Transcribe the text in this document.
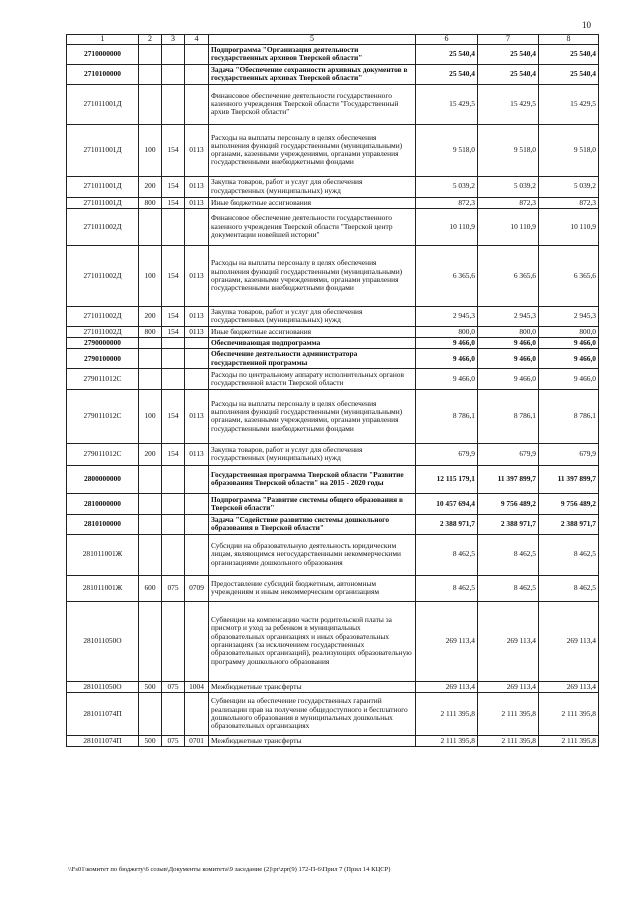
10
1	2	3	4	5	6	7	8
2710000000				Подпрограмма "Организация деятельности государственных архивов Тверской области"	25 540,4	25 540,4	25 540,4
2710100000				Задача "Обеспечение сохранности архивных документов в государственных архивах Тверской области"	25 540,4	25 540,4	25 540,4
271011001Д				Финансовое обеспечение деятельности государственного казенного учреждения Тверской области "Государственный архив Тверской области"	15 429,5	15 429,5	15 429,5
271011001Д	100	154	0113	Расходы на выплаты персоналу в целях обеспечения выполнения функций государственными (муниципальными) органами, казенными учреждениями, органами управления государственными внебюджетными фондами	9 518,0	9 518,0	9 518,0
271011001Д	200	154	0113	Закупка товаров, работ и услуг для обеспечения государственных (муниципальных) нужд	5 039,2	5 039,2	5 039,2
271011001Д	800	154	0113	Иные бюджетные ассигнования	872,3	872,3	872,3
271011002Д				Финансовое обеспечение деятельности государственного казенного учреждения Тверской области "Тверской центр документации новейшей истории"	10 110,9	10 110,9	10 110,9
271011002Д	100	154	0113	Расходы на выплаты персоналу в целях обеспечения выполнения функций государственными (муниципальными) органами, казенными учреждениями, органами управления государственными внебюджетными фондами	6 365,6	6 365,6	6 365,6
271011002Д	200	154	0113	Закупка товаров, работ и услуг для обеспечения государственных (муниципальных) нужд	2 945,3	2 945,3	2 945,3
271011002Д	800	154	0113	Иные бюджетные ассигнования	800,0	800,0	800,0
2790000000				Обеспечивающая подпрограмма	9 466,0	9 466,0	9 466,0
2790100000				Обеспечение деятельности администратора государственной программы	9 466,0	9 466,0	9 466,0
279011012С				Расходы по центральному аппарату исполнительных органов государственной власти Тверской области	9 466,0	9 466,0	9 466,0
279011012С	100	154	0113	Расходы на выплаты персоналу в целях обеспечения выполнения функций государственными (муниципальными) органами, казенными учреждениями, органами управления государственными внебюджетными фондами	8 786,1	8 786,1	8 786,1
279011012С	200	154	0113	Закупка товаров, работ и услуг для обеспечения государственных (муниципальных) нужд	679,9	679,9	679,9
2800000000				Государственная программа Тверской области "Развитие образования Тверской области" на 2015 - 2020 годы	12 115 179,1	11 397 899,7	11 397 899,7
2810000000				Подпрограмма "Развитие системы общего образования в Тверской области"	10 457 694,4	9 756 489,2	9 756 489,2
2810100000				Задача "Содействие развитию системы дошкольного образования в Тверской области"	2 388 971,7	2 388 971,7	2 388 971,7
281011001Ж				Субсидии на образовательную деятельность юридическим лицам, являющимся негосударственными некоммерческими организациями дошкольного образования	8 462,5	8 462,5	8 462,5
281011001Ж	600	075	0709	Предоставление субсидий бюджетным, автономным учреждениям и иным некоммерческим организациям	8 462,5	8 462,5	8 462,5
281011050О				Субвенции на компенсацию части родительской платы за присмотр и уход за ребенком в муниципальных образовательных организациях и иных образовательных организациях (за исключением государственных образовательных организаций), реализующих образовательную программу дошкольного образования	269 113,4	269 113,4	269 113,4
281011050О	500	075	1004	Межбюджетные трансферты	269 113,4	269 113,4	269 113,4
281011074П				Субвенции на обеспечение государственных гарантий реализации прав на получение общедоступного и бесплатного дошкольного образования в муниципальных дошкольных образовательных организациях	2 111 395,8	2 111 395,8	2 111 395,8
281011074П	500	075	0701	Межбюджетные трансферты	2 111 395,8	2 111 395,8	2 111 395,8
\\Fs01\комитет по бюджету\6 созыв\Документы комитета\9 заседание (2)\pr\zpr(9) 172-П-6\Прил 7 (Прил 14 КЦСР)
